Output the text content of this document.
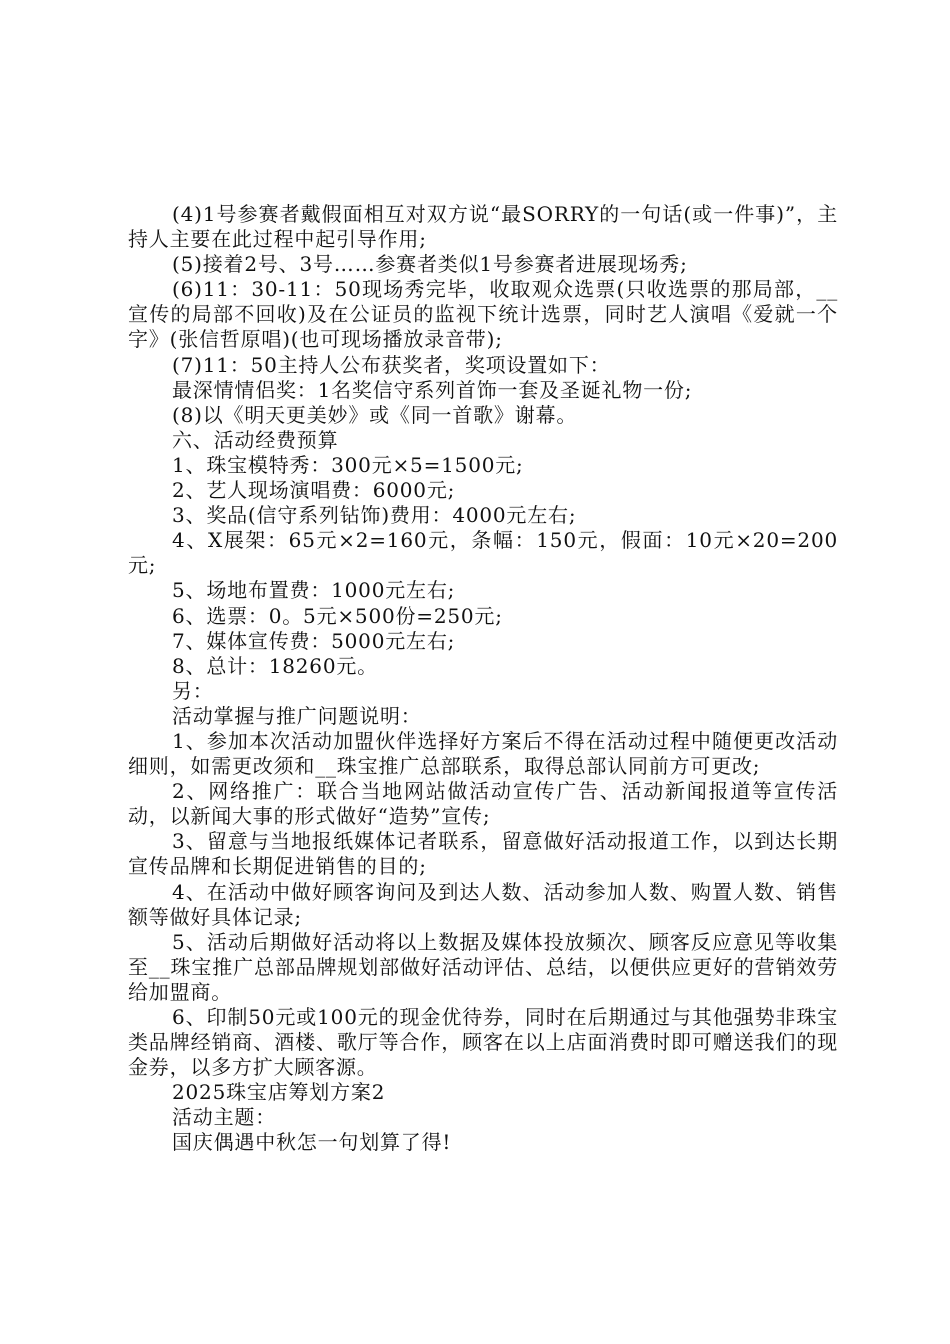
(4)1号参赛者戴假面相互对双方说“最SORRY的一句话(或一件事)”，主持人主要在此过程中起引导作用;

(5)接着2号、3号……参赛者类似1号参赛者进展现场秀;

(6)11：30-11：50现场秀完毕，收取观众选票(只收选票的那局部，__宣传的局部不回收)及在公证员的监视下统计选票，同时艺人演唱《爱就一个字》(张信哲原唱)(也可现场播放录音带);

(7)11：50主持人公布获奖者，奖项设置如下：

最深情情侣奖：1名奖信守系列首饰一套及圣诞礼物一份;

(8)以《明天更美妙》或《同一首歌》谢幕。

六、活动经费预算

1、珠宝模特秀：300元×5=1500元;

2、艺人现场演唱费：6000元;

3、奖品(信守系列钻饰)费用：4000元左右;

4、X展架：65元×2=160元，条幅：150元，假面：10元×20=200元;

5、场地布置费：1000元左右;

6、选票：0。5元×500份=250元;

7、媒体宣传费：5000元左右;

8、总计：18260元。

另：

活动掌握与推广问题说明：

1、参加本次活动加盟伙伴选择好方案后不得在活动过程中随便更改活动细则，如需更改须和__珠宝推广总部联系，取得总部认同前方可更改;

2、网络推广：联合当地网站做活动宣传广告、活动新闻报道等宣传活动，以新闻大事的形式做好“造势”宣传;

3、留意与当地报纸媒体记者联系，留意做好活动报道工作，以到达长期宣传品牌和长期促进销售的目的;

4、在活动中做好顾客询问及到达人数、活动参加人数、购置人数、销售额等做好具体记录;

5、活动后期做好活动将以上数据及媒体投放频次、顾客反应意见等收集至__珠宝推广总部品牌规划部做好活动评估、总结，以便供应更好的营销效劳给加盟商。

6、印制50元或100元的现金优待券，同时在后期通过与其他强势非珠宝类品牌经销商、酒楼、歌厅等合作，顾客在以上店面消费时即可赠送我们的现金券，以多方扩大顾客源。

2025珠宝店筹划方案2

活动主题：

国庆偶遇中秋怎一句划算了得!
